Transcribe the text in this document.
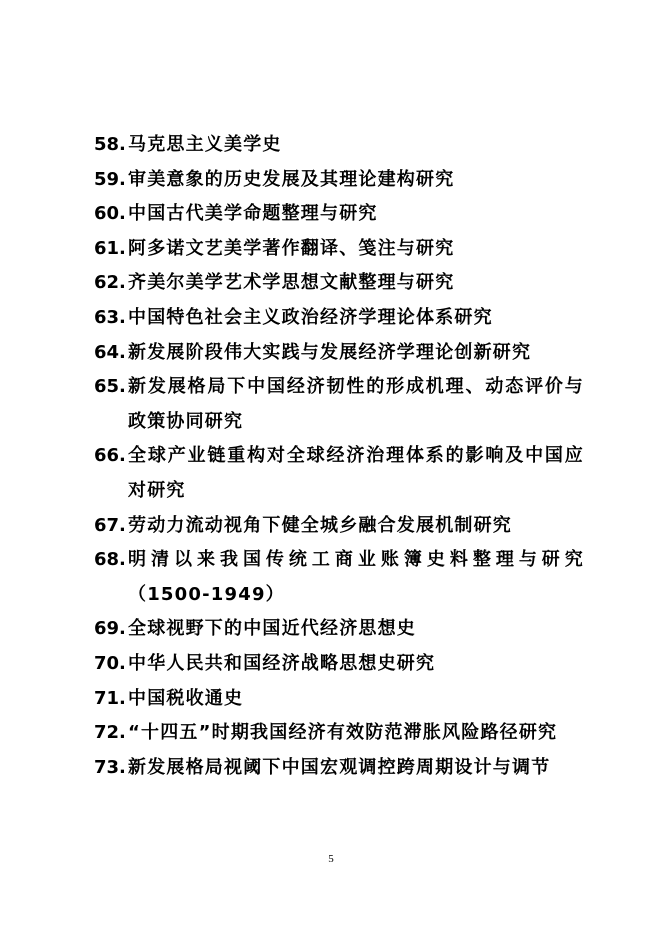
58. 马克思主义美学史
59. 审美意象的历史发展及其理论建构研究
60. 中国古代美学命题整理与研究
61. 阿多诺文艺美学著作翻译、笺注与研究
62. 齐美尔美学艺术学思想文献整理与研究
63. 中国特色社会主义政治经济学理论体系研究
64. 新发展阶段伟大实践与发展经济学理论创新研究
65. 新发展格局下中国经济韧性的形成机理、动态评价与政策协同研究
66. 全球产业链重构对全球经济治理体系的影响及中国应对研究
67. 劳动力流动视角下健全城乡融合发展机制研究
68. 明清以来我国传统工商业账簿史料整理与研究（1500-1949）
69. 全球视野下的中国近代经济思想史
70. 中华人民共和国经济战略思想史研究
71. 中国税收通史
72. “十四五”时期我国经济有效防范滞胀风险路径研究
73. 新发展格局视阈下中国宏观调控跨周期设计与调节
5
